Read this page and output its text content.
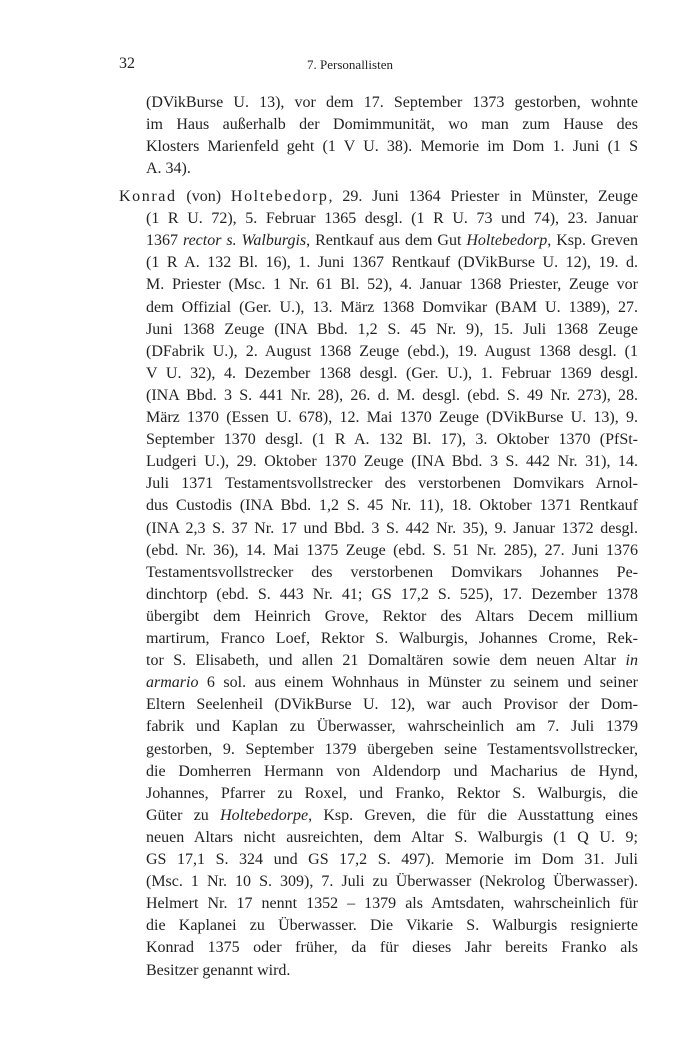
32	7. Personallisten
(DVikBurse U. 13), vor dem 17. September 1373 gestorben, wohnte
im Haus außerhalb der Domimmunität, wo man zum Hause des
Klosters Marienfeld geht (1 V U. 38). Memorie im Dom 1. Juni (1 S
A. 34).
Konrad (von) Holtebedorp, 29. Juni 1364 Priester in Münster, Zeuge
(1 R U. 72), 5. Februar 1365 desgl. (1 R U. 73 und 74), 23. Januar
1367 rector s. Walburgis, Rentkauf aus dem Gut Holtebedorp, Ksp. Greven
(1 R A. 132 Bl. 16), 1. Juni 1367 Rentkauf (DVikBurse U. 12), 19. d.
M. Priester (Msc. 1 Nr. 61 Bl. 52), 4. Januar 1368 Priester, Zeuge vor
dem Offizial (Ger. U.), 13. März 1368 Domvikar (BAM U. 1389), 27.
Juni 1368 Zeuge (INA Bbd. 1,2 S. 45 Nr. 9), 15. Juli 1368 Zeuge
(DFabrik U.), 2. August 1368 Zeuge (ebd.), 19. August 1368 desgl. (1
V U. 32), 4. Dezember 1368 desgl. (Ger. U.), 1. Februar 1369 desgl.
(INA Bbd. 3 S. 441 Nr. 28), 26. d. M. desgl. (ebd. S. 49 Nr. 273), 28.
März 1370 (Essen U. 678), 12. Mai 1370 Zeuge (DVikBurse U. 13), 9.
September 1370 desgl. (1 R A. 132 Bl. 17), 3. Oktober 1370 (PfSt-
Ludgeri U.), 29. Oktober 1370 Zeuge (INA Bbd. 3 S. 442 Nr. 31), 14.
Juli 1371 Testamentsvollstrecker des verstorbenen Domvikars Arnol-
dus Custodis (INA Bbd. 1,2 S. 45 Nr. 11), 18. Oktober 1371 Rentkauf
(INA 2,3 S. 37 Nr. 17 und Bbd. 3 S. 442 Nr. 35), 9. Januar 1372 desgl.
(ebd. Nr. 36), 14. Mai 1375 Zeuge (ebd. S. 51 Nr. 285), 27. Juni 1376
Testamentsvollstrecker des verstorbenen Domvikars Johannes Pe-
dinchtorp (ebd. S. 443 Nr. 41; GS 17,2 S. 525), 17. Dezember 1378
übergibt dem Heinrich Grove, Rektor des Altars Decem millium
martirum, Franco Loef, Rektor S. Walburgis, Johannes Crome, Rek-
tor S. Elisabeth, und allen 21 Domaltären sowie dem neuen Altar in
armario 6 sol. aus einem Wohnhaus in Münster zu seinem und seiner
Eltern Seelenheil (DVikBurse U. 12), war auch Provisor der Dom-
fabrik und Kaplan zu Überwasser, wahrscheinlich am 7. Juli 1379
gestorben, 9. September 1379 übergeben seine Testamentsvollstrecker,
die Domherren Hermann von Aldendorp und Macharius de Hynd,
Johannes, Pfarrer zu Roxel, und Franko, Rektor S. Walburgis, die
Güter zu Holtebedorpe, Ksp. Greven, die für die Ausstattung eines
neuen Altars nicht ausreichten, dem Altar S. Walburgis (1 Q U. 9;
GS 17,1 S. 324 und GS 17,2 S. 497). Memorie im Dom 31. Juli
(Msc. 1 Nr. 10 S. 309), 7. Juli zu Überwasser (Nekrolog Überwasser).
Helmert Nr. 17 nennt 1352 – 1379 als Amtsdaten, wahrscheinlich für
die Kaplanei zu Überwasser. Die Vikarie S. Walburgis resignierte
Konrad 1375 oder früher, da für dieses Jahr bereits Franko als
Besitzer genannt wird.
